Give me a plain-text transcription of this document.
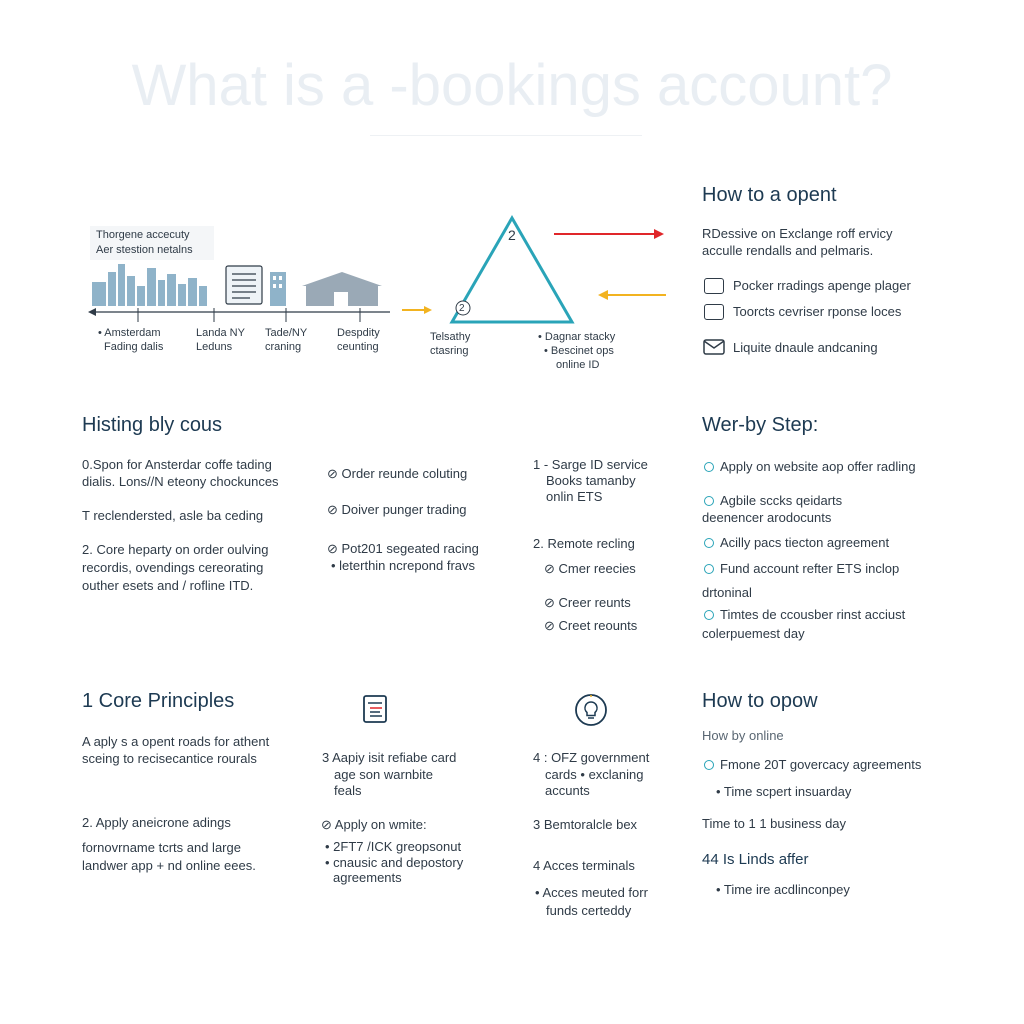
What is a -bookings account?
Thorgene accecuty
Aer stestion netalns
2
2
• Amsterdam
Fading dalis
Landa NY
Leduns
Tade/NY
craning
Despdity
ceunting
Telsathy
ctasring
• Dagnar stacky
• Bescinet ops
online ID
How to a opent
RDessive on Exclange roff ervicy
acculle rendalls and pelmaris.
Pocker rradings apenge plager
Toorcts cevriser rponse loces
Liquite dnaule andcaning
Histing bly cous
0.Spon for Ansterdar coffe tading
dialis. Lons//N eteony chockunces
T reclendersted, asle ba ceding
2. Core heparty on order oulving
recordis, ovendings cereorating
outher esets and / rofline ITD.
⊘ Order reunde coluting
⊘ Doiver punger trading
⊘ Pot201 segeated racing
• leterthin ncrepond fravs
1 - Sarge ID service
Books tamanby
onlin ETS
2. Remote recling
⊘ Cmer reecies
⊘ Creer reunts
⊘ Creet reounts
Wer-by Step:
Apply on website aop offer radling
Agbile sccks qeidarts
deenencer arodocunts
Acilly pacs tiecton agreement
Fund account refter ETS inclop
drtoninal
Timtes de ccousber rinst acciust
colerpuemest day
1 Core Principles
A aply s a opent roads for athent
sceing to recisecantice rourals
2. Apply aneicrone adings
fornovrname tcrts and large
landwer app + nd online eees.
3 Aapiy isit refiabe card
age son warnbite
feals
⊘ Apply on wmite:
• 2FT7 /ICK greopsonut
• cnausic and depostory
agreements
4 : OFZ government
cards • exclaning
accunts
3 Bemtoralcle bex
4 Acces terminals
• Acces meuted forr
funds certeddy
How to opow
How by online
Fmone 20T govercacy agreements
• Time scpert insuarday
Time to 1 1 business day
44 Is Linds affer
• Time ire acdlinconpey
